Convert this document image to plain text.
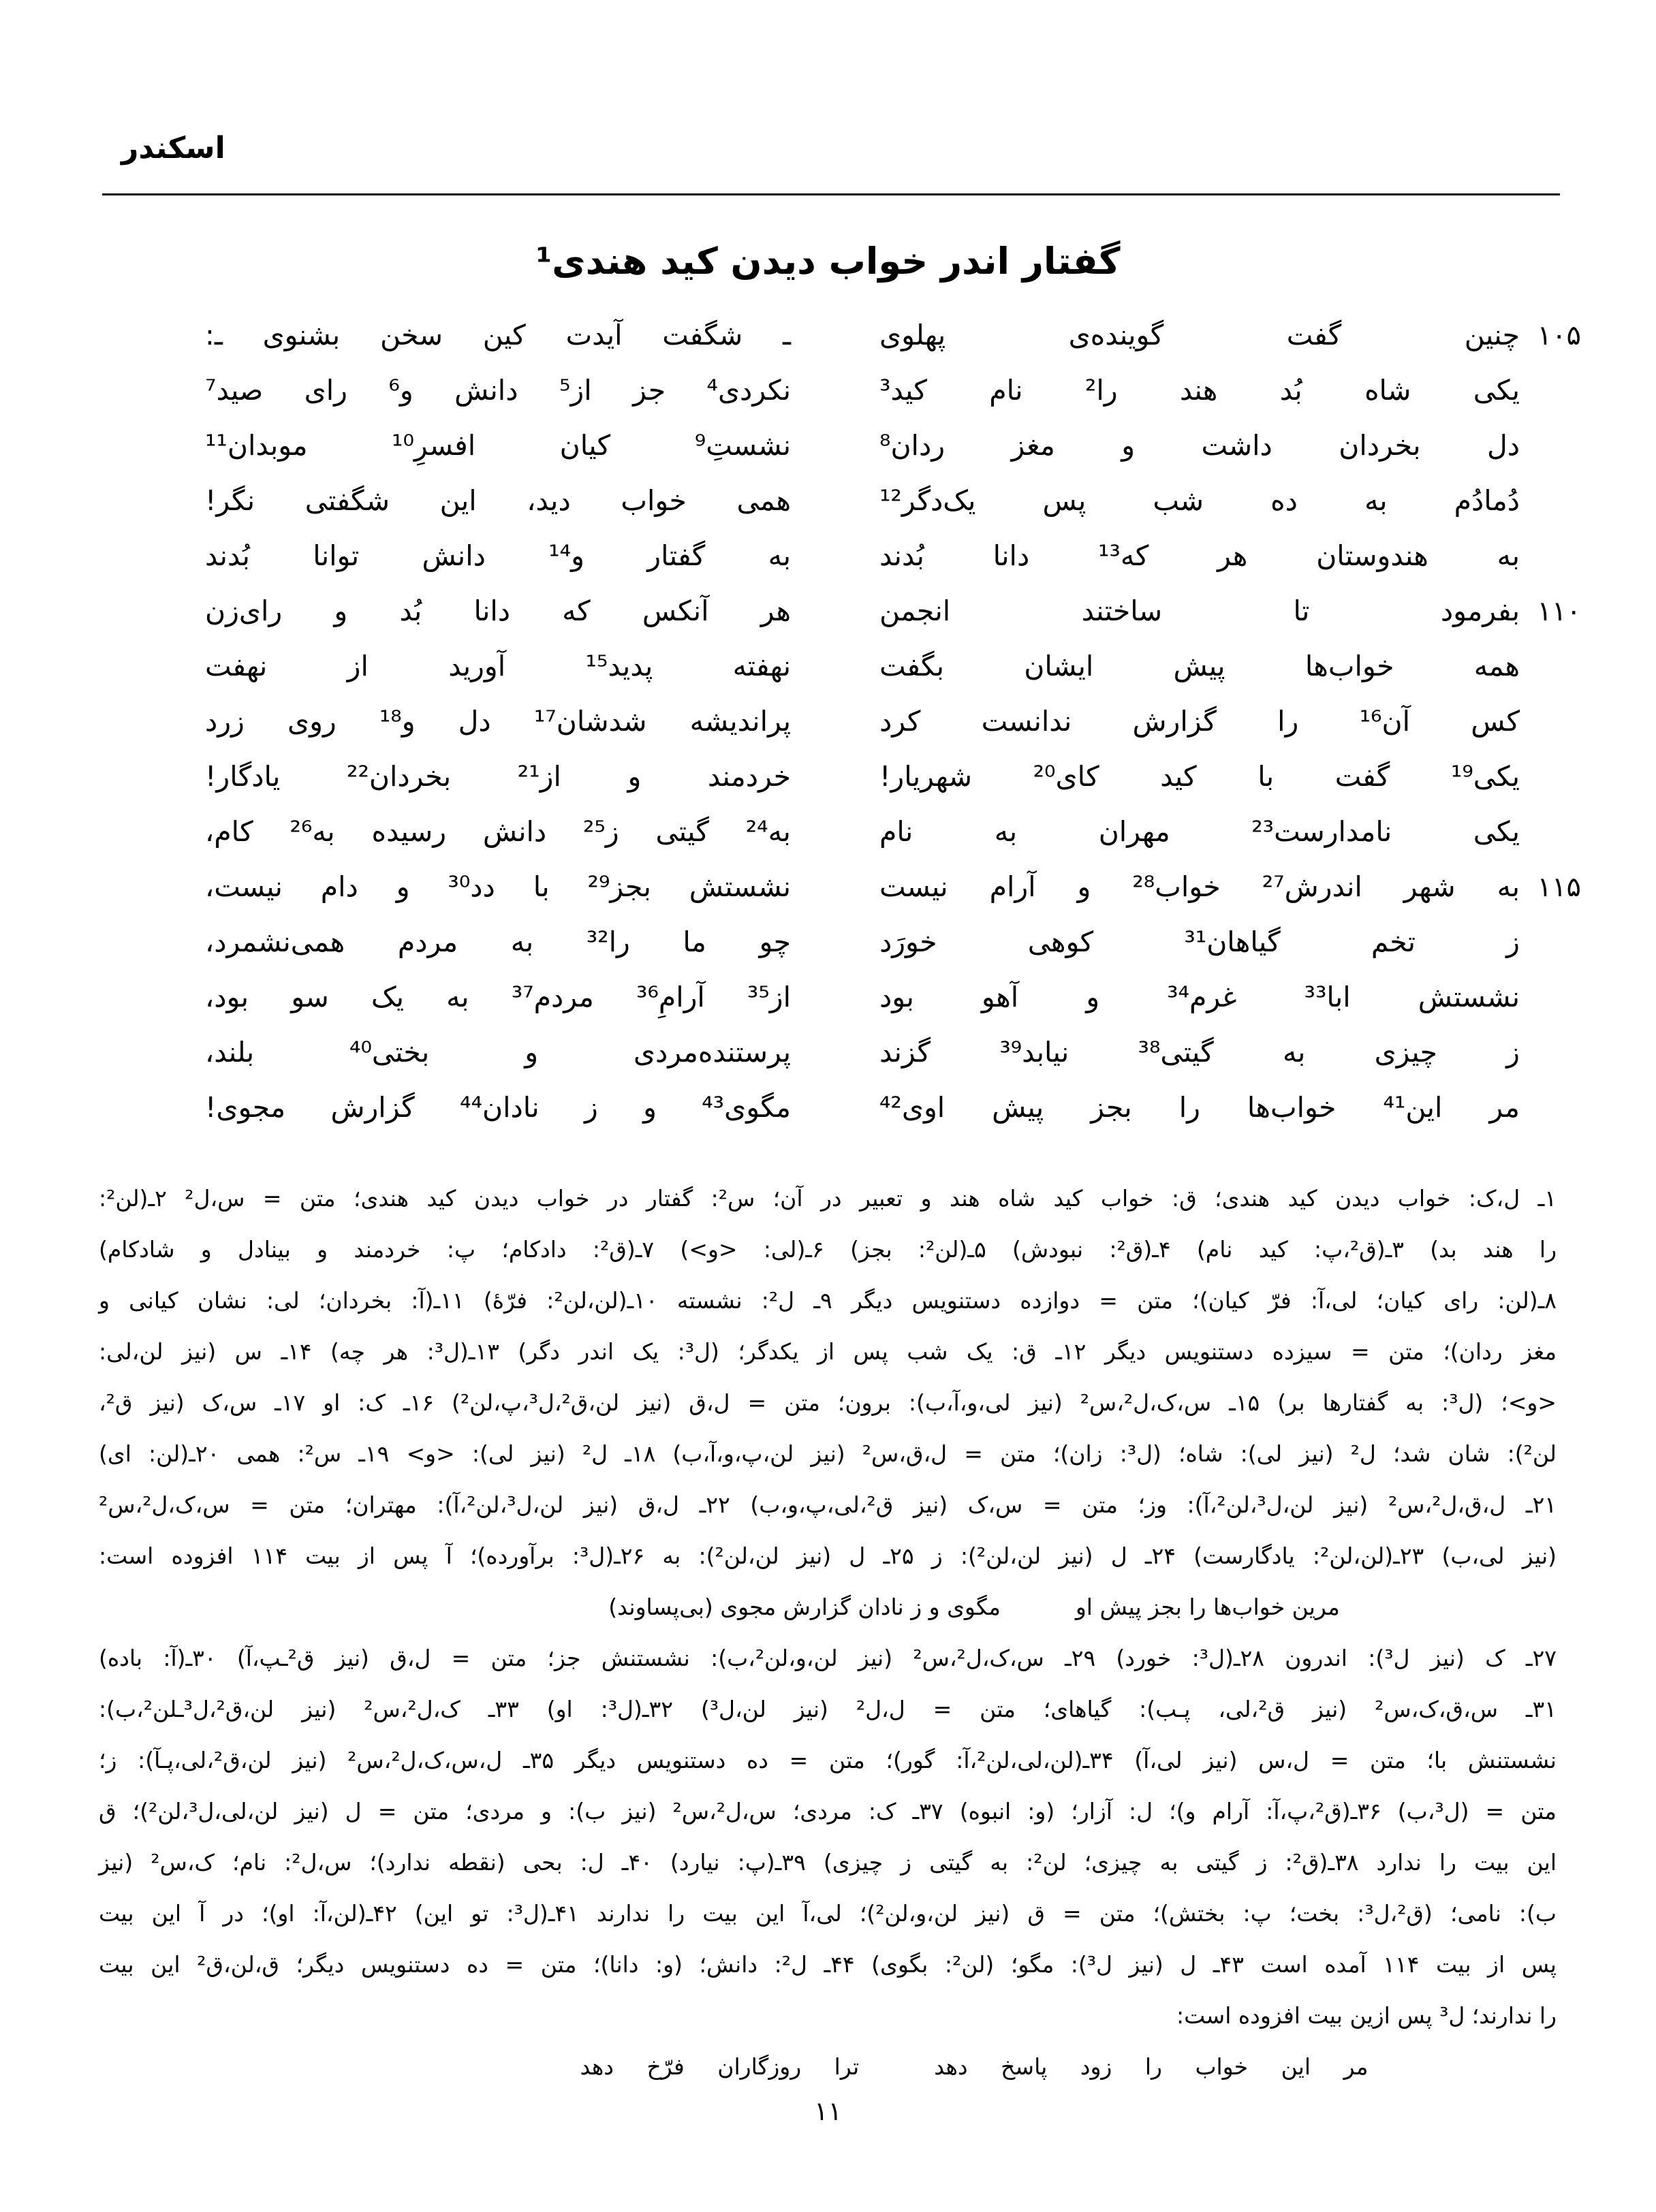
اسکندر
گفتار اندر خواب دیدن کید هندی¹
۱۰۵
چنین گفت گوینده‌ی پهلوی
ـ شگفت آیدت کین سخن بشنوی ـ:
یکی شاه بُد هند را² نام کید³
نکردی⁴ جز از⁵ دانش و⁶ رای صید⁷
دل بخردان داشت و مغز ردان⁸
نشستِ⁹ کیان افسرِ¹⁰ موبدان¹¹
دُمادُم به ده شب پس یک‌دگر¹²
همی خواب دید، این شگفتی نگر!
به هندوستان هر که¹³ دانا بُدند
به گفتار و¹⁴ دانش توانا بُدند
۱۱۰
بفرمود تا ساختند انجمن
هر آنکس که دانا بُد و رای‌زن
همه خواب‌ها پیش ایشان بگفت
نهفته پدید¹⁵ آورید از نهفت
کس آن¹⁶ را گزارش ندانست کرد
پراندیشه شدشان¹⁷ دل و¹⁸ روی زرد
یکی¹⁹ گفت با کید کای²⁰ شهریار!
خردمند و از²¹ بخردان²² یادگار!
یکی نامدارست²³ مهران به نام
به²⁴ گیتی ز²⁵ دانش رسیده به²⁶ کام،
۱۱۵
به شهر اندرش²⁷ خواب²⁸ و آرام نیست
نشستش بجز²⁹ با دد³⁰ و دام نیست،
ز تخم گیاهان³¹ کوهی خورَد
چو ما را³² به مردم همی‌نشمرد،
نشستش ابا³³ غرم³⁴ و آهو بود
از³⁵ آرامِ³⁶ مردم³⁷ به یک سو بود،
ز چیزی به گیتی³⁸ نیابد³⁹ گزند
پرستنده‌مردی و بختی⁴⁰ بلند،
مر این⁴¹ خواب‌ها را بجز پیش اوی⁴²
مگوی⁴³ و ز نادان⁴⁴ گزارش مجوی!
۱ـ ل،ک: خواب دیدن کید هندی؛ ق: خواب کید شاه هند و تعبیر در آن؛ س²: گفتار در خواب دیدن کید هندی؛ متن = س،ل² ۲ـ(لن²:
را هند بد) ۳ـ(ق²،پ: کید نام) ۴ـ(ق²: نبودش) ۵ـ(لن²: بجز) ۶ـ(لی: <و>) ۷ـ(ق²: دادکام؛ پ: خردمند و بینادل و شادکام)
۸ـ(لن: رای کیان؛ لی،آ: فرّ کیان)؛ متن = دوازده دستنویس دیگر ۹ـ ل²: نشسته ۱۰ـ(لن،لن²: فرّهٔ) ۱۱ـ(آ: بخردان؛ لی: نشان کیانی و
مغز ردان)؛ متن = سیزده دستنویس دیگر ۱۲ـ ق: یک شب پس از یکدگر؛ (ل³: یک اندر دگر) ۱۳ـ(ل³: هر چه) ۱۴ـ س (نیز لن،لی:
<و>؛ (ل³: به گفتارها بر) ۱۵ـ س،ک،ل²،س² (نیز لی،و،آ،ب): برون؛ متن = ل،ق (نیز لن،ق²،ل³،پ،لن²) ۱۶ـ ک: او ۱۷ـ س،ک (نیز ق²،
لن²): شان شد؛ ل² (نیز لی): شاه؛ (ل³: زان)؛ متن = ل،ق،س² (نیز لن،پ،و،آ،ب) ۱۸ـ ل² (نیز لی): <و> ۱۹ـ س²: همی ۲۰ـ(لن: ای)
۲۱ـ ل،ق،ل²،س² (نیز لن،ل³،لن²،آ): وز؛ متن = س،ک (نیز ق²،لی،پ،و،ب) ۲۲ـ ل،ق (نیز لن،ل³،لن²،آ): مهتران؛ متن = س،ک،ل²،س²
(نیز لی،ب) ۲۳ـ(لن،لن²: یادگارست) ۲۴ـ ل (نیز لن،لن²): ز ۲۵ـ ل (نیز لن،لن²): به ۲۶ـ(ل³: برآورده)؛ آ پس از بیت ۱۱۴ افزوده است:
مرین خواب‌ها را بجز پیش او
مگوی و ز نادان گزارش مجوی (بی‌پساوند)
۲۷ـ ک (نیز ل³): اندرون ۲۸ـ(ل³: خورد) ۲۹ـ س،ک،ل²،س² (نیز لن،و،لن²،ب): نشستنش جز؛ متن = ل،ق (نیز ق²ـپ،آ) ۳۰ـ(آ: باده)
۳۱ـ س،ق،ک،س² (نیز ق²،لی، پـب): گیاهای؛ متن = ل،ل² (نیز لن،ل³) ۳۲ـ(ل³: او) ۳۳ـ ک،ل²،س² (نیز لن،ق²،ل³ـلن²،ب):
نشستنش با؛ متن = ل،س (نیز لی،آ) ۳۴ـ(لن،لی،لن²،آ: گور)؛ متن = ده دستنویس دیگر ۳۵ـ ل،س،ک،ل²،س² (نیز لن،ق²،لی،پـآ): ز؛
متن = (ل³،ب) ۳۶ـ(ق²،پ،آ: آرام و)؛ ل: آزار؛ (و: انبوه) ۳۷ـ ک: مردی؛ س،ل²،س² (نیز ب): و مردی؛ متن = ل (نیز لن،لی،ل³،لن²)؛ ق
این بیت را ندارد ۳۸ـ(ق²: ز گیتی به چیزی؛ لن²: به گیتی ز چیزی) ۳۹ـ(پ: نیارد) ۴۰ـ ل: بحی (نقطه ندارد)؛ س،ل²: نام؛ ک،س² (نیز
ب): نامی؛ (ق²،ل³: بخت؛ پ: بختش)؛ متن = ق (نیز لن،و،لن²)؛ لی،آ این بیت را ندارند ۴۱ـ(ل³: تو این) ۴۲ـ(لن،آ: او)؛ در آ این بیت
پس از بیت ۱۱۴ آمده است ۴۳ـ ل (نیز ل³): مگو؛ (لن²: بگوی) ۴۴ـ ل²: دانش؛ (و: دانا)؛ متن = ده دستنویس دیگر؛ ق،لن،ق² این بیت
را ندارند؛ ل³ پس ازین بیت افزوده است:
مر این خواب را زود پاسخ دهد
ترا روزگاران فرّخ دهد
۱۱
